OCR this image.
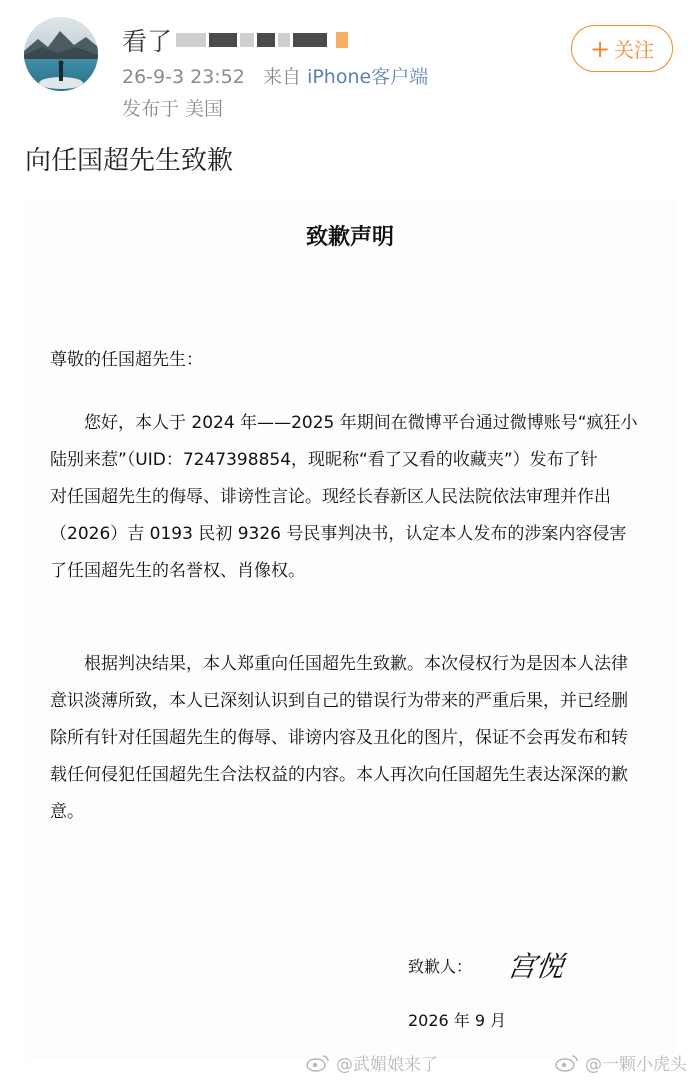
看了
26-9-3 23:52 来自 iPhone客户端
发布于 美国
+ 关注
向任国超先生致歉
致歉声明
尊敬的任国超先生：
　　您好，本人于 2024 年——2025 年期间在微博平台通过微博账号“疯狂小
陆别来惹”（UID：7247398854，现昵称“看了又看的收藏夹”）发布了针
对任国超先生的侮辱、诽谤性言论。现经长春新区人民法院依法审理并作出
（2026）吉 0193 民初 9326 号民事判决书，认定本人发布的涉案内容侵害
了任国超先生的名誉权、肖像权。
　　根据判决结果，本人郑重向任国超先生致歉。本次侵权行为是因本人法律
意识淡薄所致，本人已深刻认识到自己的错误行为带来的严重后果，并已经删
除所有针对任国超先生的侮辱、诽谤内容及丑化的图片，保证不会再发布和转
载任何侵犯任国超先生合法权益的内容。本人再次向任国超先生表达深深的歉
意。
致歉人： 宫悦
2026 年 9 月
@武媚娘来了	@一颗小虎头
